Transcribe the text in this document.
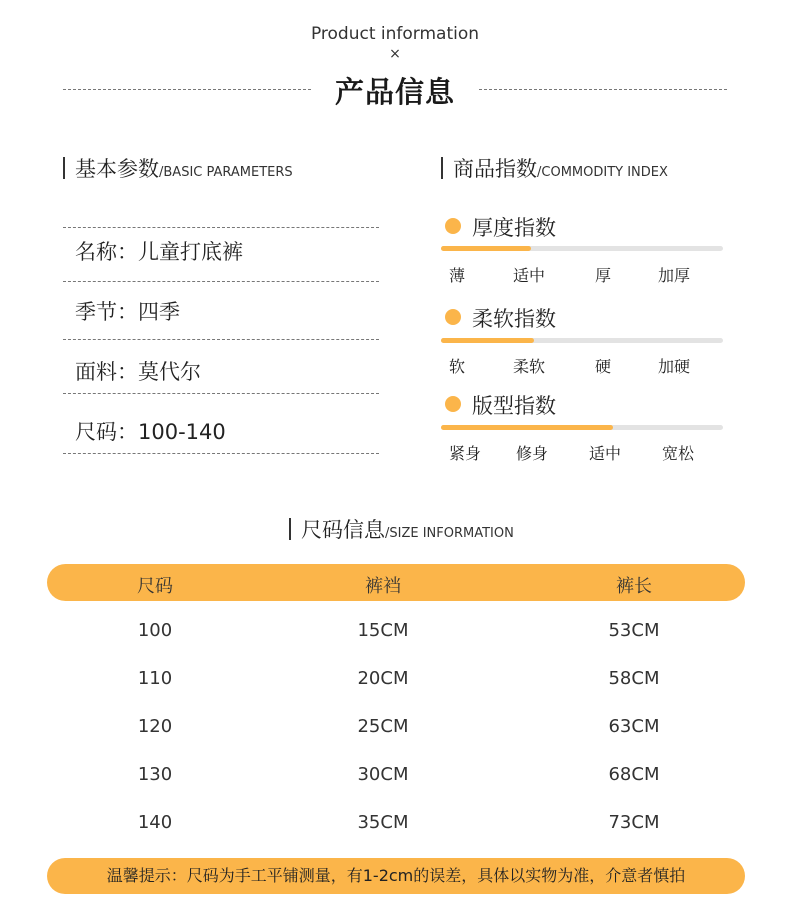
Product information
×
产品信息
基本参数/BASIC PARAMETERS
名称：儿童打底裤
季节：四季
面料：莫代尔
尺码：100-140
商品指数/COMMODITY INDEX
厚度指数
薄	适中	厚	加厚
柔软指数
软	柔软	硬	加硬
版型指数
紧身 修身	适中	宽松
尺码信息/SIZE INFORMATION
尺码	裤裆	裤长
100	15CM	53CM
110	20CM	58CM
120	25CM	63CM
130	30CM	68CM
140	35CM	73CM
温馨提示：尺码为手工平铺测量，有1-2cm的误差，具体以实物为准，介意者慎拍
